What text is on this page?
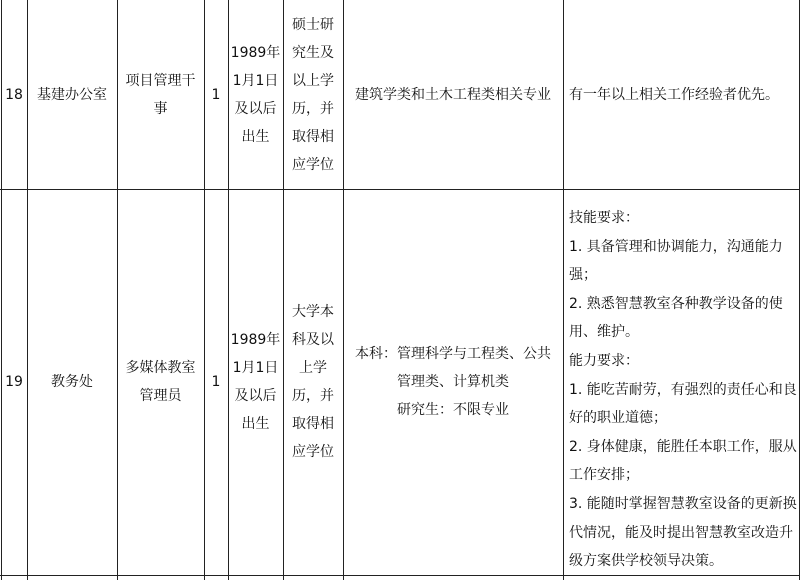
18	基建办公室
项目管理干
事
1
1989年
1月1日
及以后
出生
硕士研
究生及
以上学
历，并
取得相
应学位
建筑学类和土木工程类相关专业 有一年以上相关工作经验者优先。
19	教务处
多媒体教室
管理员
1
1989年
1月1日
及以后
出生
大学本
科及以
上学
历，并
取得相
应学位
本科：管理科学与工程类、公共
管理类、计算机类
研究生：不限专业
技能要求：
1. 具备管理和协调能力，沟通能力
强；
2. 熟悉智慧教室各种教学设备的使
用、维护。
能力要求：
1. 能吃苦耐劳，有强烈的责任心和良
好的职业道德；
2. 身体健康，能胜任本职工作，服从
工作安排；
3. 能随时掌握智慧教室设备的更新换
代情况，能及时提出智慧教室改造升
级方案供学校领导决策。
